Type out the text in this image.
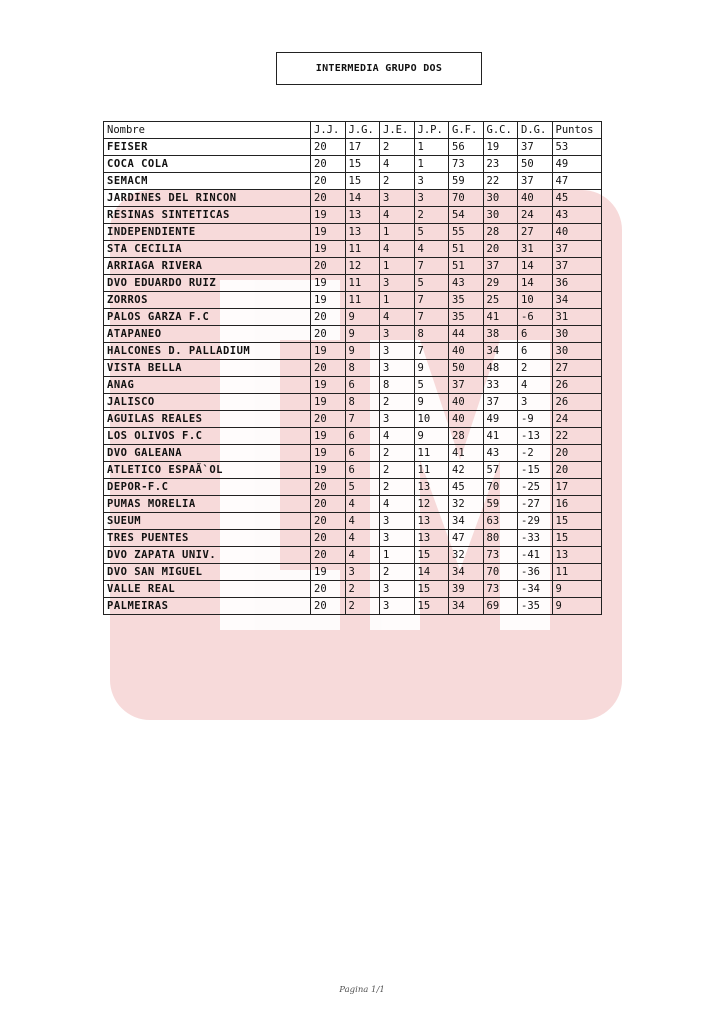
INTERMEDIA GRUPO DOS
Nombre	J.J.	J.G.	J.E.	J.P.	G.F.	G.C.	D.G.	Puntos
FEISER	20	17	2	1	56	19	37	53
COCA COLA	20	15	4	1	73	23	50	49
SEMACM	20	15	2	3	59	22	37	47
JARDINES DEL RINCON	20	14	3	3	70	30	40	45
RESINAS SINTETICAS	19	13	4	2	54	30	24	43
INDEPENDIENTE	19	13	1	5	55	28	27	40
STA CECILIA	19	11	4	4	51	20	31	37
ARRIAGA RIVERA	20	12	1	7	51	37	14	37
DVO EDUARDO RUIZ	19	11	3	5	43	29	14	36
ZORROS	19	11	1	7	35	25	10	34
PALOS GARZA F.C	20	9	4	7	35	41	-6	31
ATAPANEO	20	9	3	8	44	38	6	30
HALCONES D. PALLADIUM	19	9	3	7	40	34	6	30
VISTA BELLA	20	8	3	9	50	48	2	27
ANAG	19	6	8	5	37	33	4	26
JALISCO	19	8	2	9	40	37	3	26
AGUILAS REALES	20	7	3	10	40	49	-9	24
LOS OLIVOS F.C	19	6	4	9	28	41	-13	22
DVO GALEANA	19	6	2	11	41	43	-2	20
ATLETICO ESPAÃ`OL	19	6	2	11	42	57	-15	20
DEPOR-F.C	20	5	2	13	45	70	-25	17
PUMAS MORELIA	20	4	4	12	32	59	-27	16
SUEUM	20	4	3	13	34	63	-29	15
TRES PUENTES	20	4	3	13	47	80	-33	15
DVO ZAPATA UNIV.	20	4	1	15	32	73	-41	13
DVO SAN MIGUEL	19	3	2	14	34	70	-36	11
VALLE REAL	20	2	3	15	39	73	-34	9
PALMEIRAS	20	2	3	15	34	69	-35	9
Pagina 1/1
